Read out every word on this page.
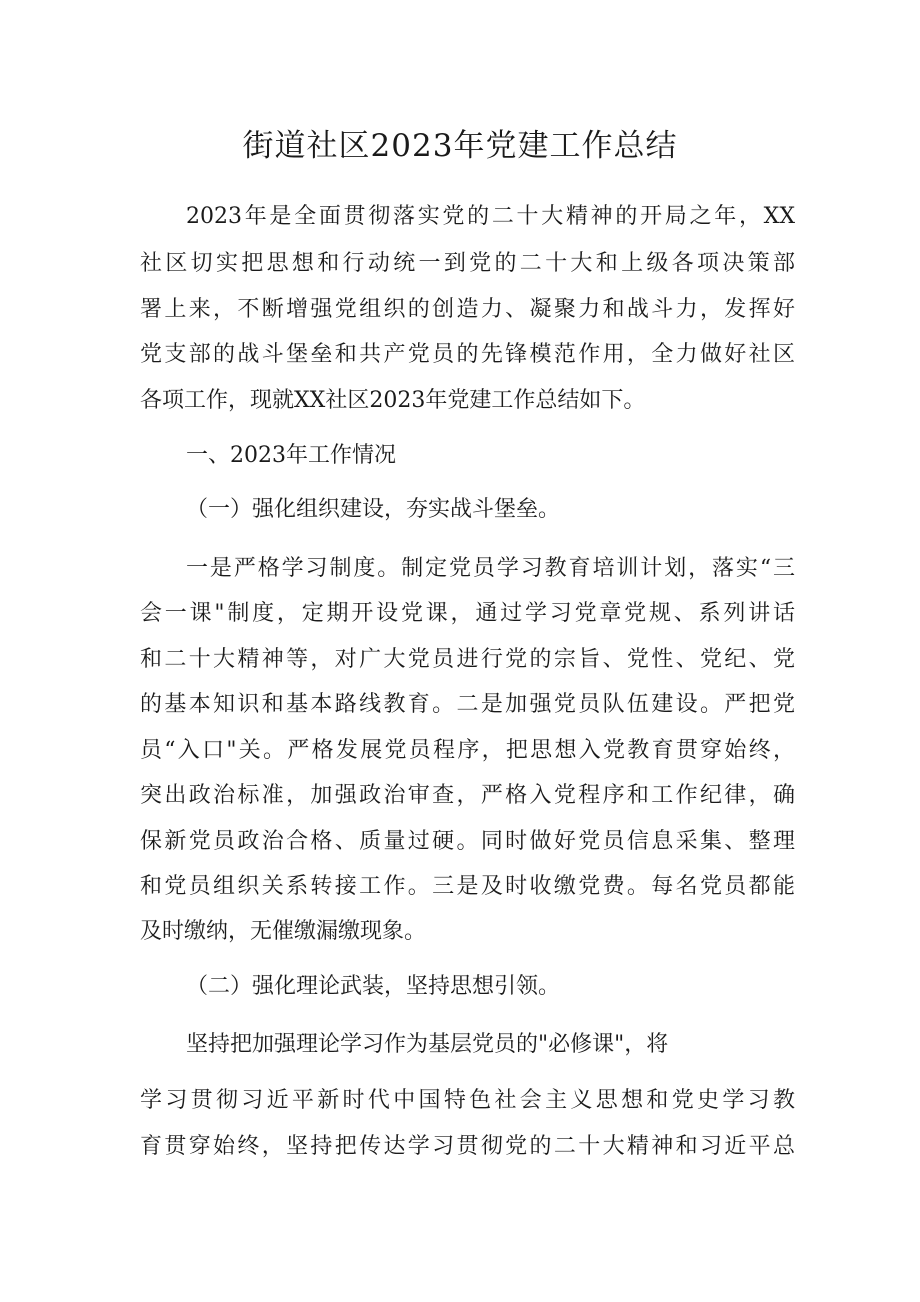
街道社区2023年党建工作总结
2023年是全面贯彻落实党的二十大精神的开局之年，XX
社区切实把思想和行动统一到党的二十大和上级各项决策部
署上来，不断增强党组织的创造力、凝聚力和战斗力，发挥好
党支部的战斗堡垒和共产党员的先锋模范作用，全力做好社区
各项工作，现就XX社区2023年党建工作总结如下。
一、2023年工作情况
（一）强化组织建设，夯实战斗堡垒。
一是严格学习制度。制定党员学习教育培训计划，落实“三
会一课"制度，定期开设党课，通过学习党章党规、系列讲话
和二十大精神等，对广大党员进行党的宗旨、党性、党纪、党
的基本知识和基本路线教育。二是加强党员队伍建设。严把党
员“入口"关。严格发展党员程序，把思想入党教育贯穿始终，
突出政治标准，加强政治审查，严格入党程序和工作纪律，确
保新党员政治合格、质量过硬。同时做好党员信息采集、整理
和党员组织关系转接工作。三是及时收缴党费。每名党员都能
及时缴纳，无催缴漏缴现象。
（二）强化理论武装，坚持思想引领。
坚持把加强理论学习作为基层党员的"必修课"，将
学习贯彻习近平新时代中国特色社会主义思想和党史学习教
育贯穿始终，坚持把传达学习贯彻党的二十大精神和习近平总
